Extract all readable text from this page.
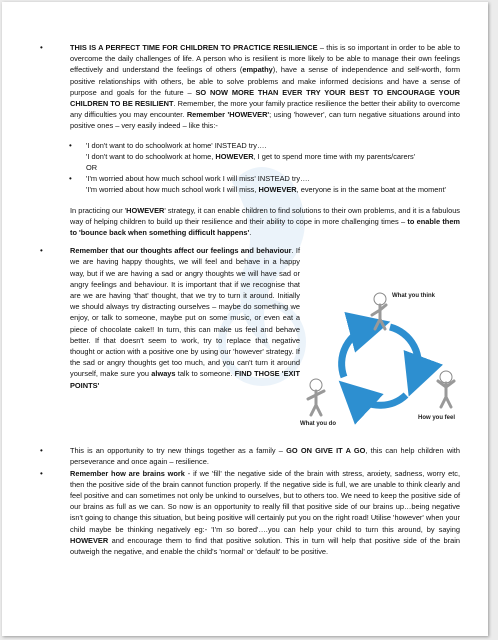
•	THIS IS A PERFECT TIME FOR CHILDREN TO PRACTICE RESILIENCE – this is so important in order to be able to overcome the daily challenges of life. A person who is resilient is more likely to be able to manage their own feelings effectively and understand the feelings of others (empathy), have a sense of independence and self-worth, form positive relationships with others, be able to solve problems and make informed decisions and have a sense of purpose and goals for the future – SO NOW MORE THAN EVER TRY YOUR BEST TO ENCOURAGE YOUR CHILDREN TO BE RESILIENT. Remember, the more your family practice resilience the better their ability to overcome any difficulties you may encounter. Remember 'HOWEVER'; using 'however', can turn negative situations around into positive ones – very easily indeed – like this:-

• 'I don't want to do schoolwork at home' INSTEAD try….
'I don't want to do schoolwork at home, HOWEVER, I get to spend more time with my parents/carers'
OR

• 'I'm worried about how much school work I will miss' INSTEAD try….
'I'm worried about how much school work I will miss, HOWEVER, everyone is in the same boat at the moment'

In practicing our 'HOWEVER' strategy, it can enable children to find solutions to their own problems, and it is a fabulous way of helping children to build up their resilience and their ability to cope in more challenging times – to enable them to 'bounce back when something difficult happens'.

•	Remember that our thoughts affect our feelings and behaviour. If we are having happy thoughts, we will feel and behave in a happy way, but if we are having a sad or angry thoughts we will have sad or angry feelings and behaviour. It is important that if we recognise that are we are having 'that' thought, that we try to turn it around. Initially we should always try distracting ourselves – maybe do something we enjoy, or talk to someone, maybe put on some music, or even eat a piece of chocolate cake!! In turn, this can make us feel and behave better. If that doesn't seem to work, try to replace that negative thought or action with a positive one by using our 'however' strategy. If the sad or angry thoughts get too much, and you can't turn it around yourself, make sure you always talk to someone. FIND THOSE 'EXIT POINTS'

What you think
What you do
How you feel

•	This is an opportunity to try new things together as a family – GO ON GIVE IT A GO, this can help children with perseverance and once again – resilience.

•	Remember how are brains work - if we 'fill' the negative side of the brain with stress, anxiety, sadness, worry etc, then the positive side of the brain cannot function properly. If the negative side is full, we are unable to think clearly and feel positive and can sometimes not only be unkind to ourselves, but to others too. We need to keep the positive side of our brains as full as we can. So now is an opportunity to really fill that positive side of our brains up…being negative isn't going to change this situation, but being positive will certainly put you on the right road! Utilise 'however' when your child maybe be thinking negatively eg:- 'I'm so bored'….you can help your child to turn this around, by saying HOWEVER and encourage them to find that positive solution. This in turn will help that positive side of the brain outweigh the negative, and enable the child's 'normal' or 'default' to be positive.
